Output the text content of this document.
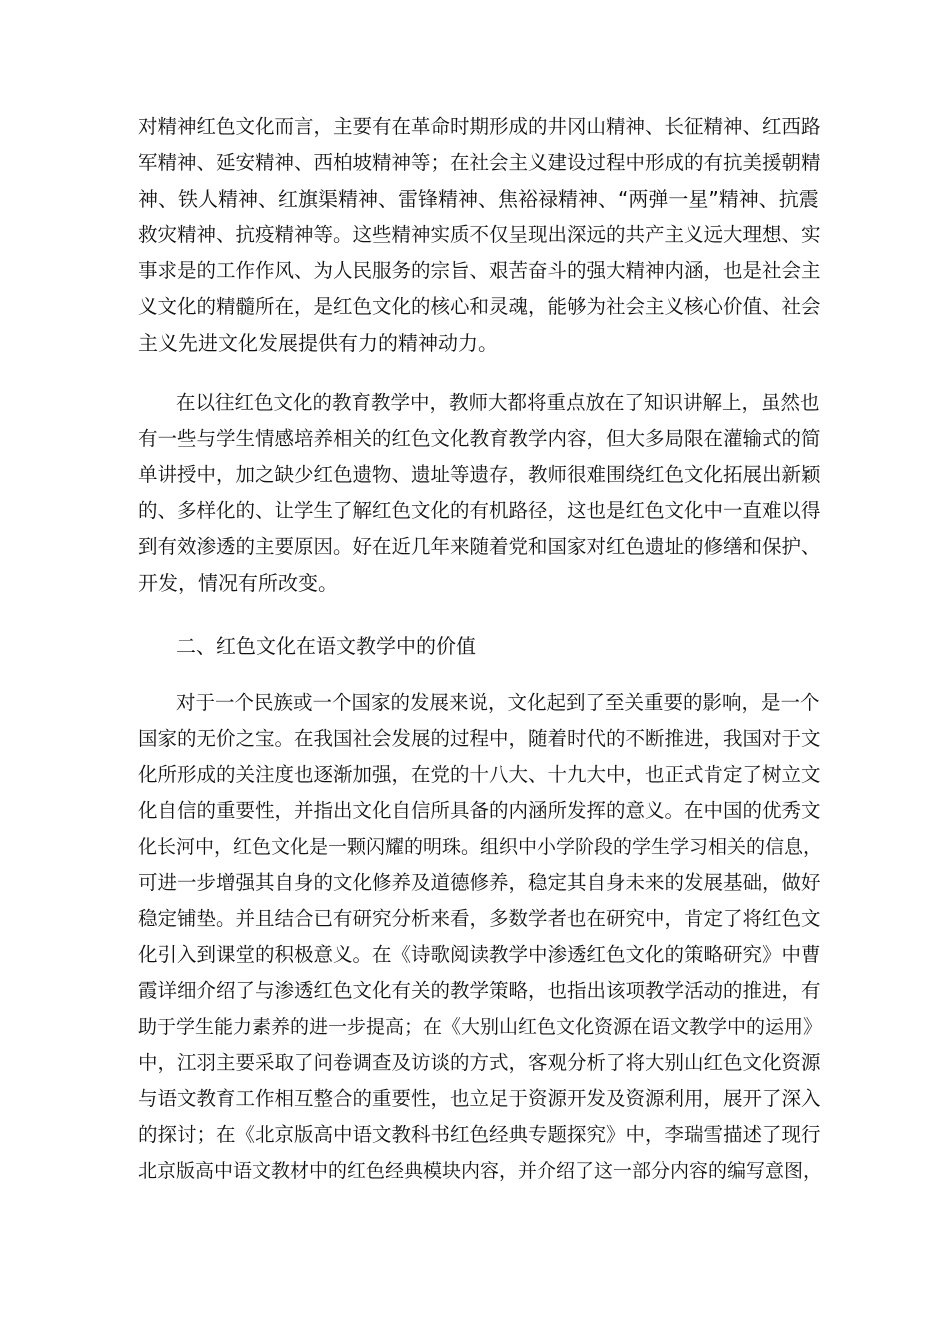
对精神红色文化而言，主要有在革命时期形成的井冈山精神、长征精神、红西路
军精神、延安精神、西柏坡精神等；在社会主义建设过程中形成的有抗美援朝精
神、铁人精神、红旗渠精神、雷锋精神、焦裕禄精神、“两弹一星”精神、抗震
救灾精神、抗疫精神等。这些精神实质不仅呈现出深远的共产主义远大理想、实
事求是的工作作风、为人民服务的宗旨、艰苦奋斗的强大精神内涵，也是社会主
义文化的精髓所在，是红色文化的核心和灵魂，能够为社会主义核心价值、社会
主义先进文化发展提供有力的精神动力。
在以往红色文化的教育教学中，教师大都将重点放在了知识讲解上，虽然也
有一些与学生情感培养相关的红色文化教育教学内容，但大多局限在灌输式的简
单讲授中，加之缺少红色遗物、遗址等遗存，教师很难围绕红色文化拓展出新颖
的、多样化的、让学生了解红色文化的有机路径，这也是红色文化中一直难以得
到有效渗透的主要原因。好在近几年来随着党和国家对红色遗址的修缮和保护、
开发，情况有所改变。
二、红色文化在语文教学中的价值
对于一个民族或一个国家的发展来说，文化起到了至关重要的影响，是一个
国家的无价之宝。在我国社会发展的过程中，随着时代的不断推进，我国对于文
化所形成的关注度也逐渐加强，在党的十八大、十九大中，也正式肯定了树立文
化自信的重要性，并指出文化自信所具备的内涵所发挥的意义。在中国的优秀文
化长河中，红色文化是一颗闪耀的明珠。组织中小学阶段的学生学习相关的信息，
可进一步增强其自身的文化修养及道德修养，稳定其自身未来的发展基础，做好
稳定铺垫。并且结合已有研究分析来看，多数学者也在研究中，肯定了将红色文
化引入到课堂的积极意义。在《诗歌阅读教学中渗透红色文化的策略研究》中曹
霞详细介绍了与渗透红色文化有关的教学策略，也指出该项教学活动的推进，有
助于学生能力素养的进一步提高；在《大别山红色文化资源在语文教学中的运用》
中，江羽主要采取了问卷调查及访谈的方式，客观分析了将大别山红色文化资源
与语文教育工作相互整合的重要性，也立足于资源开发及资源利用，展开了深入
的探讨；在《北京版高中语文教科书红色经典专题探究》中，李瑞雪描述了现行
北京版高中语文教材中的红色经典模块内容，并介绍了这一部分内容的编写意图，
